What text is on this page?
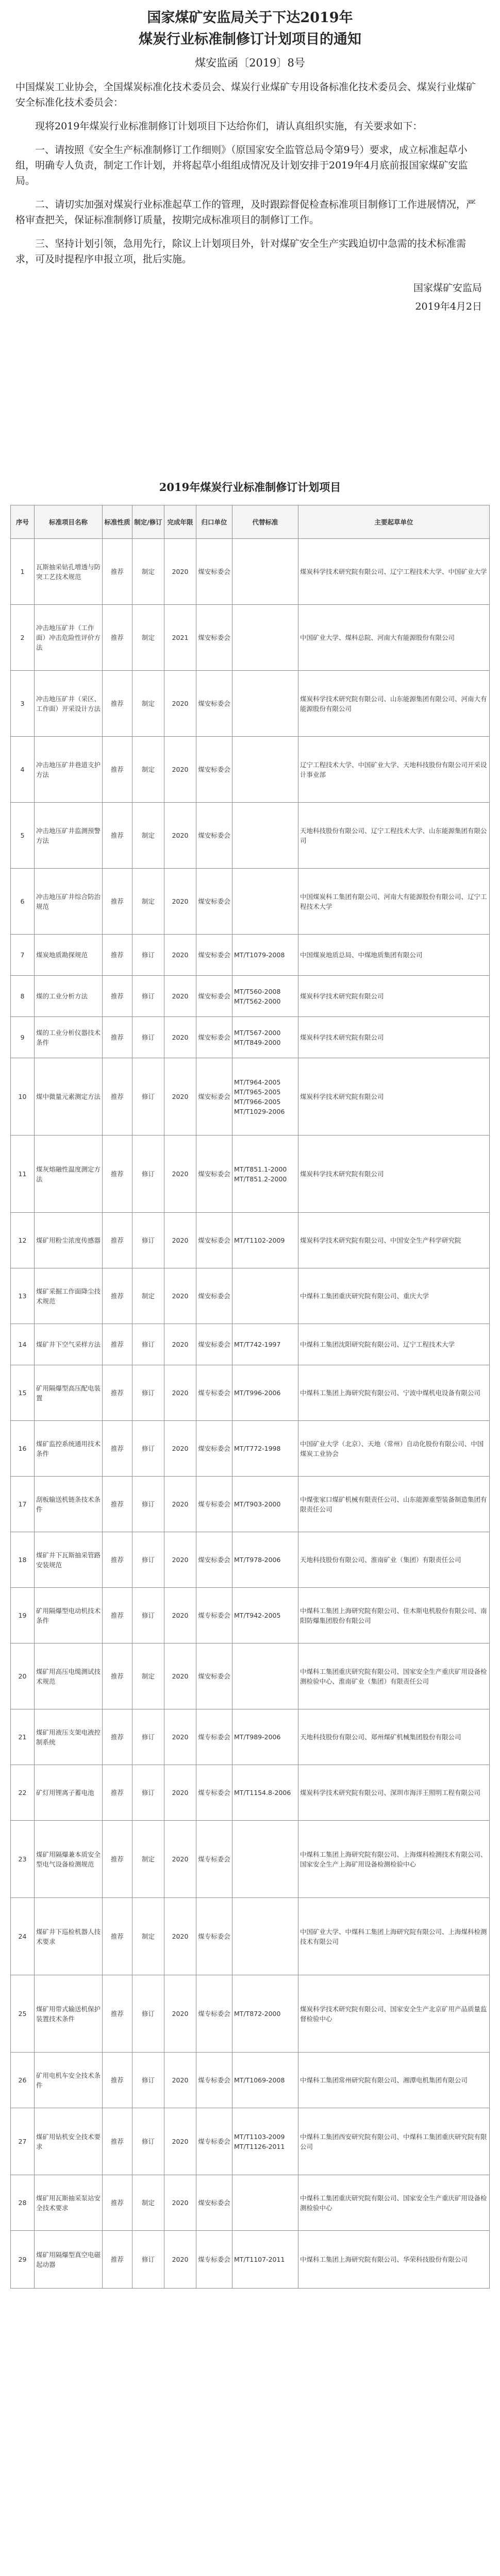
国家煤矿安监局关于下达2019年

煤炭行业标准制修订计划项目的通知

煤安监函〔2019〕8号
中国煤炭工业协会，全国煤炭标准化技术委员会、煤炭行业煤矿专用设备标准化技术委员会、煤炭行业煤矿安全标准化技术委员会：
现将2019年煤炭行业标准制修订计划项目下达给你们，请认真组织实施，有关要求如下：
一、请按照《安全生产标准制修订工作细则》（原国家安全监管总局令第9号）要求，成立标准起草小组，明确专人负责，制定工作计划，并将起草小组组成情况及计划安排于2019年4月底前报国家煤矿安监局。
二、请切实加强对煤炭行业标准起草工作的管理，及时跟踪督促检查标准项目制修订工作进展情况，严格审查把关，保证标准制修订质量，按期完成标准项目的制修订工作。
三、坚持计划引领，急用先行，除议上计划项目外，针对煤矿安全生产实践迫切中急需的技术标准需求，可及时提程序申报立项，批后实施。
国家煤矿安监局
2019年4月2日
2019年煤炭行业标准制修订计划项目
序号	标准项目名称	标准性质	制定/修订	完成年限	归口单位	代替标准	主要起草单位
1	瓦斯抽采钻孔增透与防突工艺技术规范	推荐	制定	2020	煤安标委会		煤炭科学技术研究院有限公司、辽宁工程技术大学、中国矿业大学
2	冲击地压矿井（工作面）冲击危险性评价方法	推荐	制定	2021	煤安标委会		中国矿业大学、煤科总院、河南大有能源股份有限公司
3	冲击地压矿井（采区、工作面）开采设计方法	推荐	制定	2020	煤安标委会		煤炭科学技术研究院有限公司、山东能源集团有限公司、河南大有能源股份有限公司
4	冲击地压矿井巷道支护方法	推荐	制定	2020	煤安标委会		辽宁工程技术大学、中国矿业大学、天地科技股份有限公司开采设计事业部
5	冲击地压矿井监测预警方法	推荐	制定	2020	煤安标委会		天地科技股份有限公司、辽宁工程技术大学、山东能源集团有限公司
6	冲击地压矿井综合防治规范	推荐	制定	2020	煤安标委会		中国煤炭科工集团有限公司、河南大有能源股份有限公司、辽宁工程技术大学
7	煤炭地质勘探规范	推荐	修订	2020	煤安标委会	MT/T1079-2008	中国煤炭地质总局、中煤地质集团有限公司
8	煤的工业分析方法	推荐	修订	2020	煤安标委会	MT/T560-2008
MT/T562-2000	煤炭科学技术研究院有限公司
9	煤的工业分析仪器技术条件	推荐	修订	2020	煤安标委会	MT/T567-2000
MT/T849-2000	煤炭科学技术研究院有限公司
10	煤中微量元素测定方法	推荐	修订	2020	煤安标委会	MT/T964-2005
MT/T965-2005
MT/T966-2005
MT/T1029-2006	煤炭科学技术研究院有限公司
11	煤灰熔融性温度测定方法	推荐	修订	2020	煤安标委会	MT/T851.1-2000
MT/T851.2-2000	煤炭科学技术研究院有限公司
12	煤矿用粉尘浓度传感器	推荐	修订	2020	煤安标委会	MT/T1102-2009	煤炭科学技术研究院有限公司、中国安全生产科学研究院
13	煤矿采掘工作面降尘技术规范	推荐	制定	2020	煤安标委会		中煤科工集团重庆研究院有限公司、重庆大学
14	煤矿井下空气采样方法	推荐	修订	2020	煤安标委会	MT/T742-1997	中煤科工集团沈阳研究院有限公司、辽宁工程技术大学
15	矿用隔爆型高压配电装置	推荐	修订	2020	煤专标委会	MT/T996-2006	中煤科工集团上海研究院有限公司、宁波中煤机电设备有限公司
16	煤矿监控系统通用技术条件	推荐	修订	2020	煤安标委会	MT/T772-1998	中国矿业大学（北京）、天地（常州）自动化股份有限公司、中国煤炭工业协会
17	刮板输送机链条技术条件	推荐	修订	2020	煤专标委会	MT/T903-2000	中煤张家口煤矿机械有限责任公司、山东能源重型装备制造集团有限责任公司
18	煤矿井下瓦斯抽采管路安装规范	推荐	修订	2020	煤安标委会	MT/T978-2006	天地科技股份有限公司、淮南矿业（集团）有限责任公司
19	矿用隔爆型电动机技术条件	推荐	修订	2020	煤专标委会	MT/T942-2005	中煤科工集团上海研究院有限公司、佳木斯电机股份有限公司、南阳防爆集团股份有限公司
20	煤矿用高压电缆测试技术规范	推荐	制定	2020	煤安标委会		中煤科工集团重庆研究院有限公司、国家安全生产重庆矿用设备检测检验中心、淮南矿业（集团）有限责任公司
21	煤矿用液压支架电液控制系统	推荐	修订	2020	煤专标委会	MT/T989-2006	天地科技股份有限公司、郑州煤矿机械集团股份有限公司
22	矿灯用锂离子蓄电池	推荐	修订	2020	煤专标委会	MT/T1154.8-2006	煤炭科学技术研究院有限公司、深圳市海洋王照明工程有限公司
23	煤矿用隔爆兼本质安全型电气设备检测规范	推荐	制定	2020	煤专标委会		中煤科工集团上海研究院有限公司、上海煤科检测技术有限公司、国家安全生产上海矿用设备检测检验中心
24	煤矿井下巡检机器人技术要求	推荐	制定	2020	煤专标委会		中国矿业大学、中煤科工集团上海研究院有限公司、上海煤科检测技术有限公司
25	煤矿用带式输送机保护装置技术条件	推荐	修订	2020	煤专标委会	MT/T872-2000	煤炭科学技术研究院有限公司、国家安全生产北京矿用产品质量监督检验中心
26	矿用电机车安全技术条件	推荐	修订	2020	煤专标委会	MT/T1069-2008	中煤科工集团常州研究院有限公司、湘潭电机集团有限公司
27	煤矿用钻机安全技术要求	推荐	修订	2020	煤专标委会	MT/T1103-2009
MT/T1126-2011	中煤科工集团西安研究院有限公司、中煤科工集团重庆研究院有限公司
28	煤矿用瓦斯抽采泵站安全技术要求	推荐	制定	2020	煤安标委会		中煤科工集团重庆研究院有限公司、国家安全生产重庆矿用设备检测检验中心
29	煤矿用隔爆型真空电磁起动器	推荐	修订	2020	煤专标委会	MT/T1107-2011	中煤科工集团上海研究院有限公司、华荣科技股份有限公司
